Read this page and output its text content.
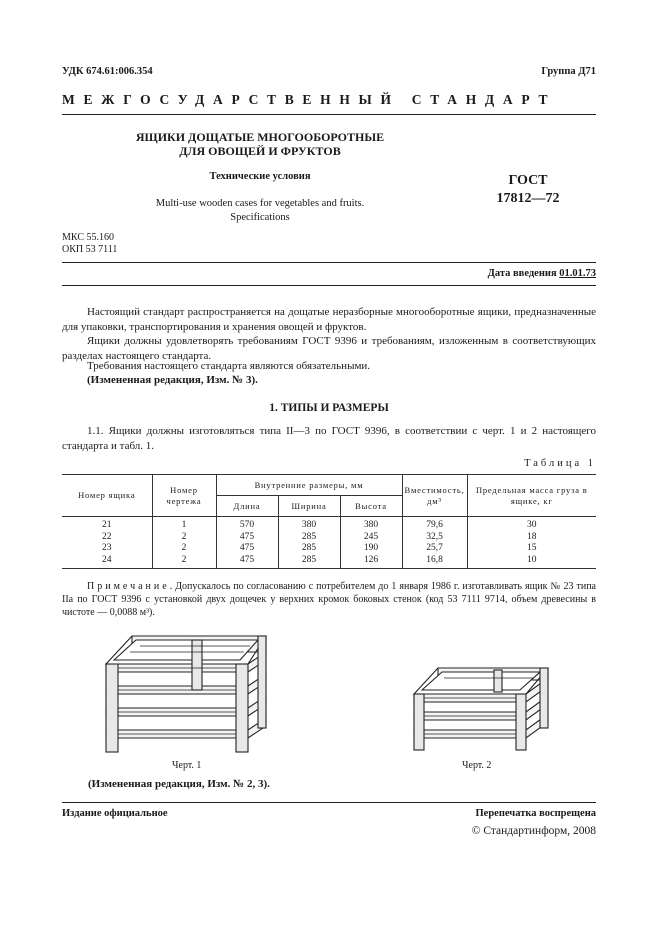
УДК 674.61:006.354	Группа Д71
МЕЖГОСУДАРСТВЕННЫЙ СТАНДАРТ
ЯЩИКИ ДОЩАТЫЕ МНОГООБОРОТНЫЕ
ДЛЯ ОВОЩЕЙ И ФРУКТОВ
Технические условия
Multi-use wooden cases for vegetables and fruits.
Specifications
ГОСТ
17812—72
МКС 55.160
ОКП 53 7111
Дата введения 01.01.73
Настоящий стандарт распространяется на дощатые неразборные многооборотные ящики, предназначенные для упаковки, транспортирования и хранения овощей и фруктов.
Ящики должны удовлетворять требованиям ГОСТ 9396 и требованиям, изложенным в соответствующих разделах настоящего стандарта.
Требования настоящего стандарта являются обязательными.
(Измененная редакция, Изм. № 3).
1. ТИПЫ И РАЗМЕРЫ
1.1. Ящики должны изготовляться типа II—3 по ГОСТ 9396, в соответствии с черт. 1 и 2 настоящего стандарта и табл. 1.
Таблица 1
Номер ящика	Номер чертежа	Внутренние размеры, мм			Вместимость, дм³	Предельная масса груза в ящике, кг
		Длина	Ширина	Высота		
21	1	570	380	380	79,6	30
22	2	475	285	245	32,5	18
23	2	475	285	190	25,7	15
24	2	475	285	126	16,8	10
Примечание. Допускалось по согласованию с потребителем до 1 января 1986 г. изготавливать ящик № 23 типа IIа по ГОСТ 9396 с установкой двух дощечек у верхних кромок боковых стенок (код 53 7111 9714, объем древесины в чистоте — 0,0088 м³).
Черт. 1	Черт. 2
(Измененная редакция, Изм. № 2, 3).
Издание официальное	Перепечатка воспрещена
© Стандартинформ, 2008
